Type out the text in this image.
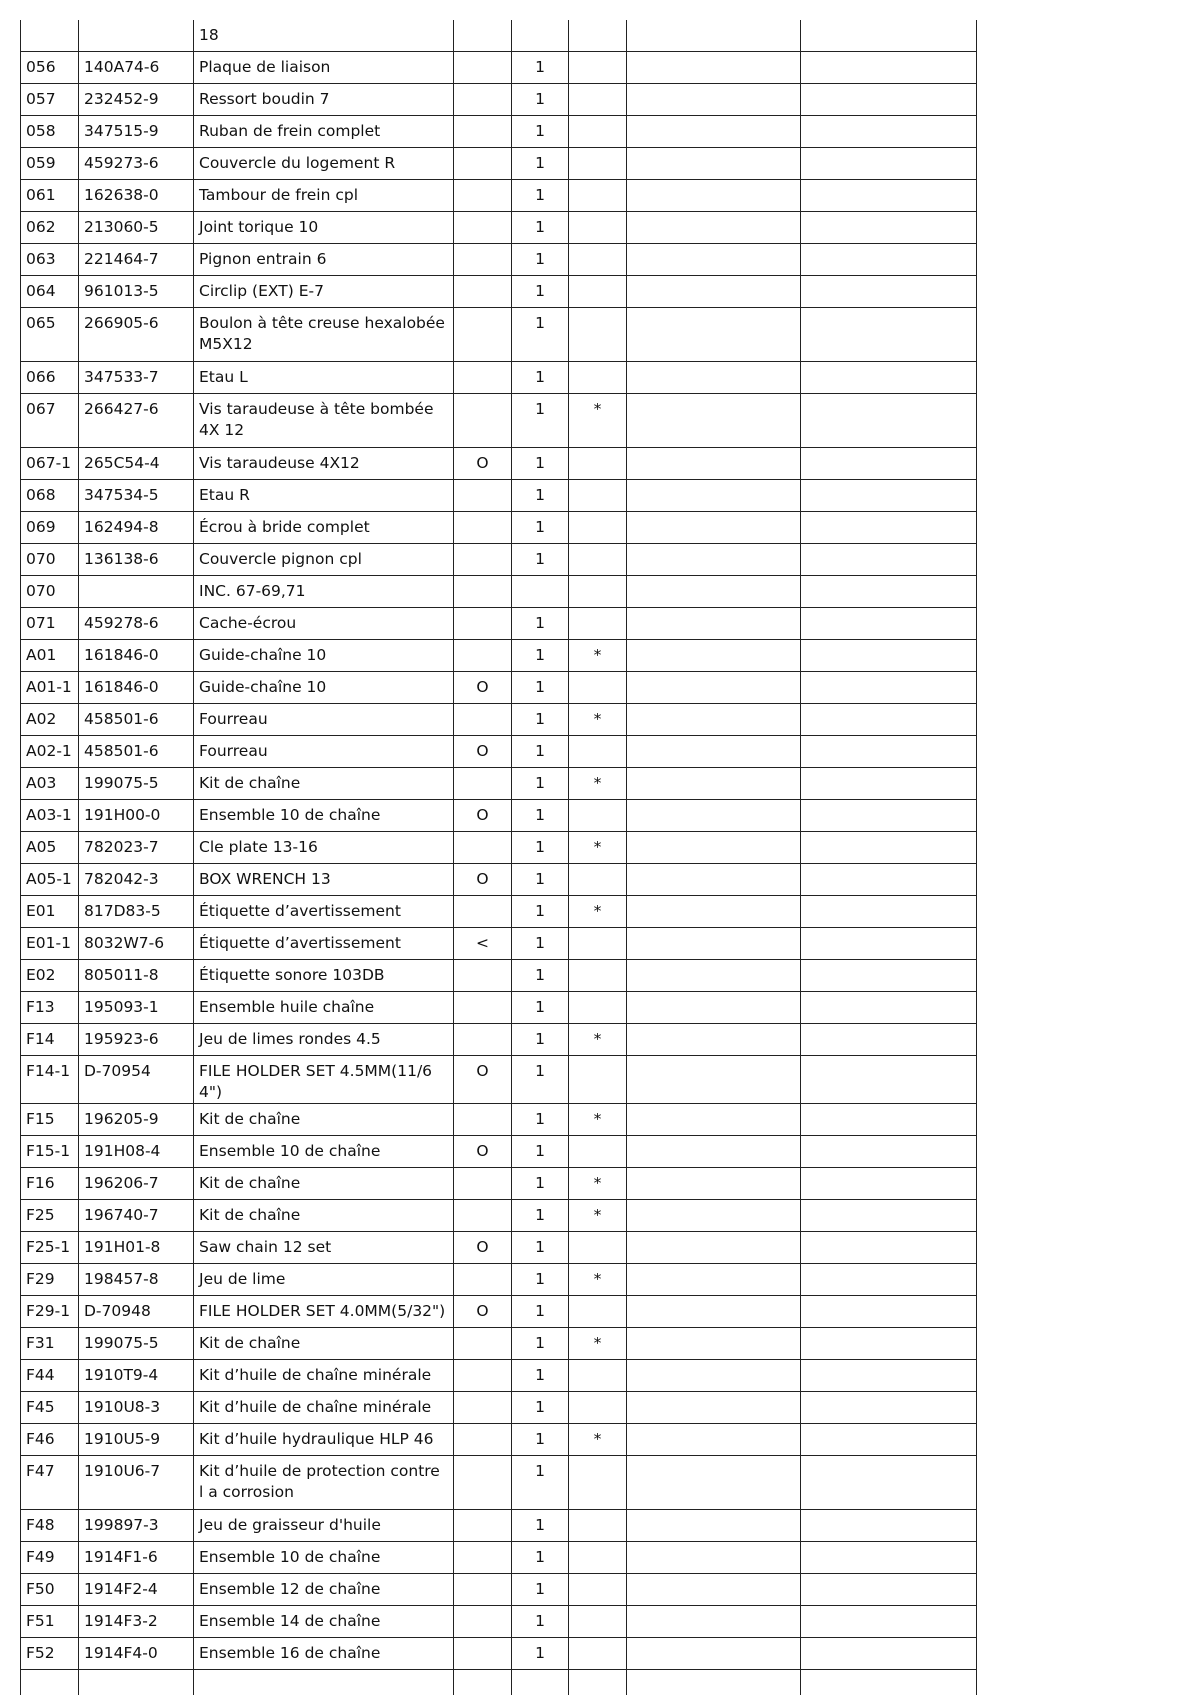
		18					
056	140A74-6	Plaque de liaison		1			
057	232452-9	Ressort boudin 7		1			
058	347515-9	Ruban de frein complet		1			
059	459273-6	Couvercle du logement R		1			
061	162638-0	Tambour de frein cpl		1			
062	213060-5	Joint torique 10		1			
063	221464-7	Pignon entrain 6		1			
064	961013-5	Circlip (EXT) E-7		1			
065	266905-6	Boulon à tête creuse hexalobée M5X12		1			
066	347533-7	Etau L		1			
067	266427-6	Vis taraudeuse à tête bombée 4X 12		1	*		
067-1	265C54-4	Vis taraudeuse 4X12	O	1			
068	347534-5	Etau R		1			
069	162494-8	Écrou à bride complet		1			
070	136138-6	Couvercle pignon cpl		1			
070		INC. 67-69,71					
071	459278-6	Cache-écrou		1			
A01	161846-0	Guide-chaîne 10		1	*		
A01-1	161846-0	Guide-chaîne 10	O	1			
A02	458501-6	Fourreau		1	*		
A02-1	458501-6	Fourreau	O	1			
A03	199075-5	Kit de chaîne		1	*		
A03-1	191H00-0	Ensemble 10 de chaîne	O	1			
A05	782023-7	Cle plate 13-16		1	*		
A05-1	782042-3	BOX WRENCH 13	O	1			
E01	817D83-5	Étiquette d’avertissement		1	*		
E01-1	8032W7-6	Étiquette d’avertissement	<	1			
E02	805011-8	Étiquette sonore 103DB		1			
F13	195093-1	Ensemble huile chaîne		1			
F14	195923-6	Jeu de limes rondes 4.5		1	*		
F14-1	D-70954	FILE HOLDER SET 4.5MM(11/64")	O	1			
F15	196205-9	Kit de chaîne		1	*		
F15-1	191H08-4	Ensemble 10 de chaîne	O	1			
F16	196206-7	Kit de chaîne		1	*		
F25	196740-7	Kit de chaîne		1	*		
F25-1	191H01-8	Saw chain 12 set	O	1			
F29	198457-8	Jeu de lime		1	*		
F29-1	D-70948	FILE HOLDER SET 4.0MM(5/32")	O	1			
F31	199075-5	Kit de chaîne		1	*		
F44	1910T9-4	Kit d’huile de chaîne minérale		1			
F45	1910U8-3	Kit d’huile de chaîne minérale		1			
F46	1910U5-9	Kit d’huile hydraulique HLP 46		1	*		
F47	1910U6-7	Kit d’huile de protection contre l a corrosion		1			
F48	199897-3	Jeu de graisseur d'huile		1			
F49	1914F1-6	Ensemble 10 de chaîne		1			
F50	1914F2-4	Ensemble 12 de chaîne		1			
F51	1914F3-2	Ensemble 14 de chaîne		1			
F52	1914F4-0	Ensemble 16 de chaîne		1			
